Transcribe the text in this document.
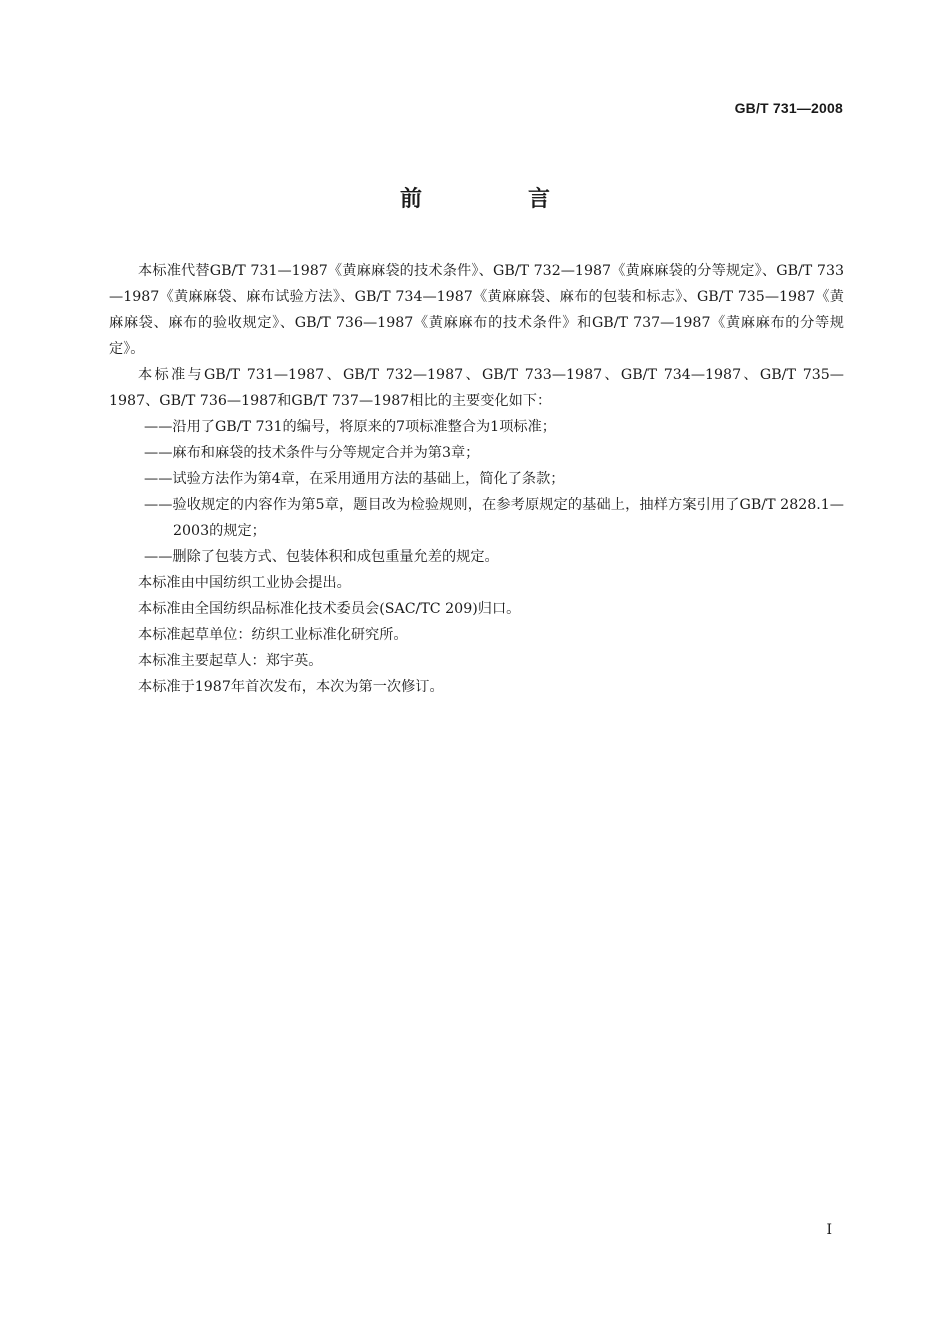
GB/T 731—2008
前　言

本标准代替GB/T 731—1987《黄麻麻袋的技术条件》、GB/T 732—1987《黄麻麻袋的分等规定》、GB/T 733—1987《黄麻麻袋、麻布试验方法》、GB/T 734—1987《黄麻麻袋、麻布的包装和标志》、GB/T 735—1987《黄麻麻袋、麻布的验收规定》、GB/T 736—1987《黄麻麻布的技术条件》和GB/T 737—1987《黄麻麻布的分等规定》。

本标准与GB/T 731—1987、GB/T 732—1987、GB/T 733—1987、GB/T 734—1987、GB/T 735—1987、GB/T 736—1987和GB/T 737—1987相比的主要变化如下：

——沿用了GB/T 731的编号，将原来的7项标准整合为1项标准；

——麻布和麻袋的技术条件与分等规定合并为第3章；

——试验方法作为第4章，在采用通用方法的基础上，简化了条款；

——验收规定的内容作为第5章，题目改为检验规则，在参考原规定的基础上，抽样方案引用了GB/T 2828.1—2003的规定；

——删除了包装方式、包装体积和成包重量允差的规定。

本标准由中国纺织工业协会提出。

本标准由全国纺织品标准化技术委员会(SAC/TC 209)归口。

本标准起草单位：纺织工业标准化研究所。

本标准主要起草人：郑宇英。

本标准于1987年首次发布，本次为第一次修订。

I
